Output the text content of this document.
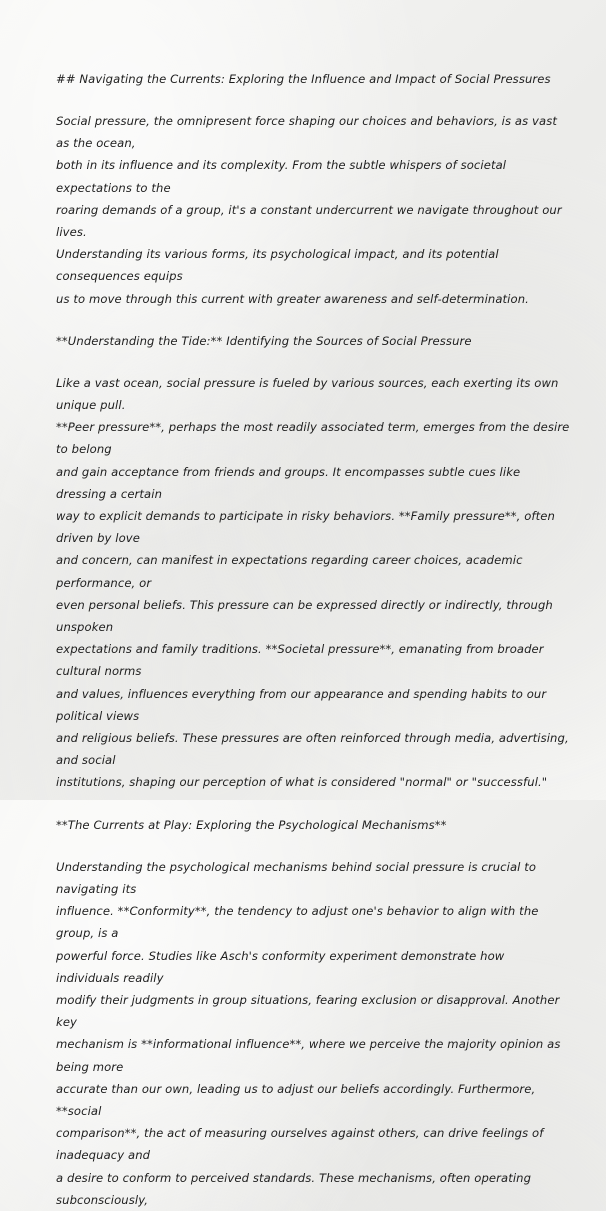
## Navigating the Currents: Exploring the Influence and Impact of Social Pressures

Social pressure, the omnipresent force shaping our choices and behaviors, is as vast as the ocean,

both in its influence and its complexity. From the subtle whispers of societal expectations to the

roaring demands of a group, it's a constant undercurrent we navigate throughout our lives.

Understanding its various forms, its psychological impact, and its potential consequences equips

us to move through this current with greater awareness and self-determination.

**Understanding the Tide:** Identifying the Sources of Social Pressure

Like a vast ocean, social pressure is fueled by various sources, each exerting its own unique pull.

**Peer pressure**, perhaps the most readily associated term, emerges from the desire to belong

and gain acceptance from friends and groups. It encompasses subtle cues like dressing a certain

way to explicit demands to participate in risky behaviors. **Family pressure**, often driven by love

and concern, can manifest in expectations regarding career choices, academic performance, or

even personal beliefs. This pressure can be expressed directly or indirectly, through unspoken

expectations and family traditions. **Societal pressure**, emanating from broader cultural norms

and values, influences everything from our appearance and spending habits to our political views

and religious beliefs. These pressures are often reinforced through media, advertising, and social

institutions, shaping our perception of what is considered "normal" or "successful."

**The Currents at Play: Exploring the Psychological Mechanisms**

Understanding the psychological mechanisms behind social pressure is crucial to navigating its

influence. **Conformity**, the tendency to adjust one's behavior to align with the group, is a

powerful force. Studies like Asch's conformity experiment demonstrate how individuals readily

modify their judgments in group situations, fearing exclusion or disapproval. Another key

mechanism is **informational influence**, where we perceive the majority opinion as being more

accurate than our own, leading us to adjust our beliefs accordingly. Furthermore, **social

comparison**, the act of measuring ourselves against others, can drive feelings of inadequacy and

a desire to conform to perceived standards. These mechanisms, often operating subconsciously,
